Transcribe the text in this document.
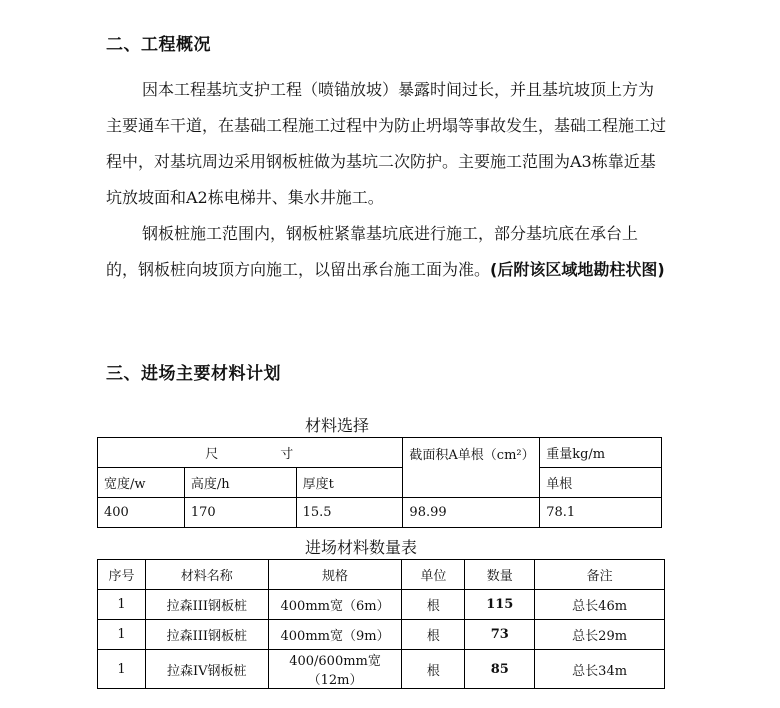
二、工程概况

因本工程基坑支护工程（喷锚放坡）暴露时间过长，并且基坑坡顶上方为主要通车干道，在基础工程施工过程中为防止坍塌等事故发生，基础工程施工过程中，对基坑周边采用钢板桩做为基坑二次防护。主要施工范围为A3栋靠近基坑放坡面和A2栋电梯井、集水井施工。

钢板桩施工范围内，钢板桩紧靠基坑底进行施工，部分基坑底在承台上的，钢板桩向坡顶方向施工，以留出承台施工面为准。(后附该区域地勘柱状图)

三、进场主要材料计划
材料选择
尺 寸			截面积A单根（cm²）	重量kg/m
宽度/w	高度/h	厚度t		单根
400	170	15.5	98.99	78.1
进场材料数量表
序号	材料名称	规格	单位	数量	备注
1	拉森III钢板桩	400mm宽（6m）	根	115	总长46m
1	拉森III钢板桩	400mm宽（9m）	根	73	总长29m
1	拉森IV钢板桩	400/600mm宽（12m）	根	85	总长34m
